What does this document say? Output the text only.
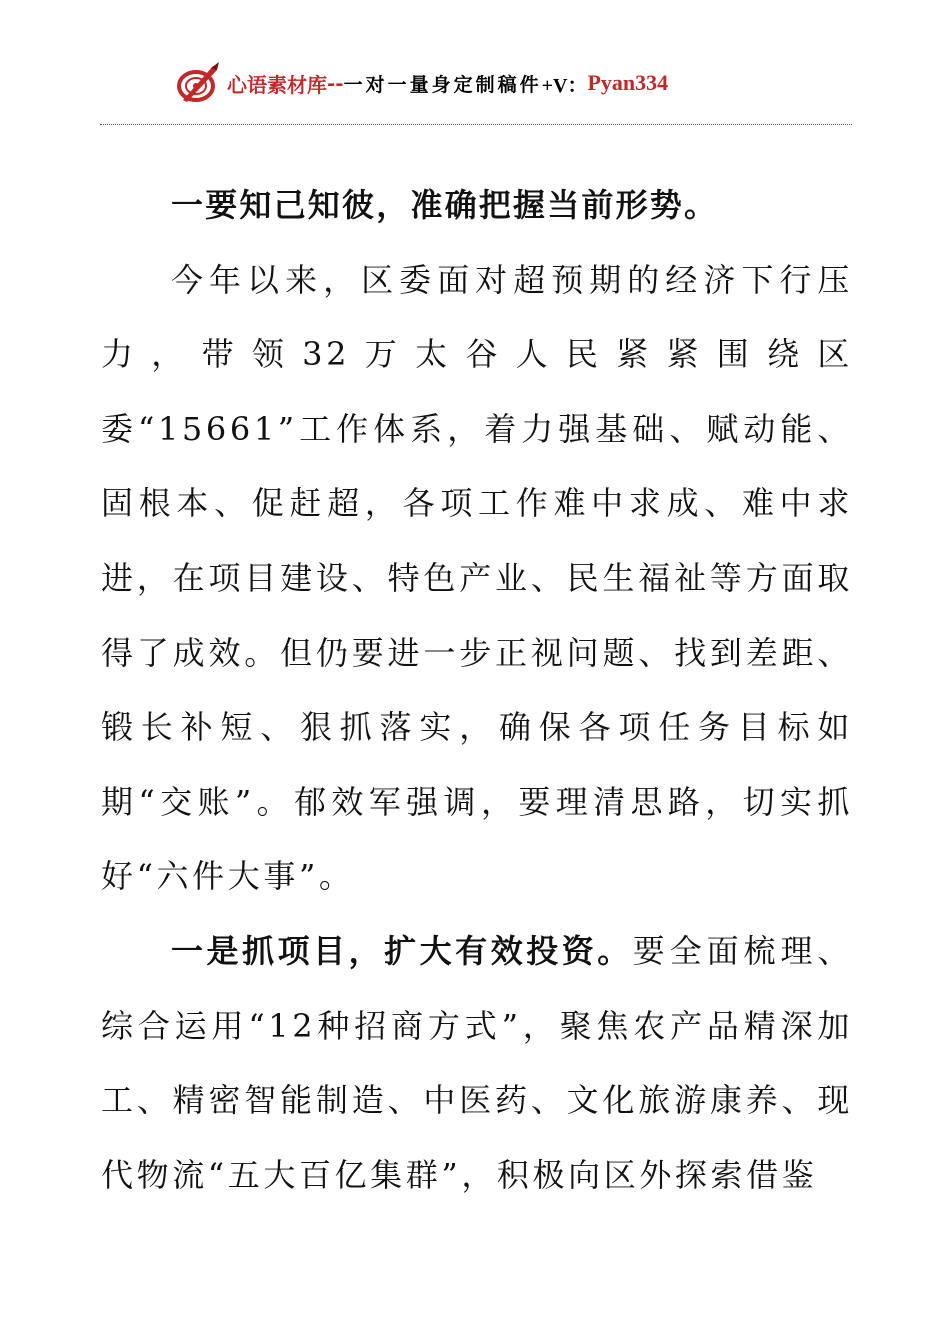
心语素材库 -- 一对一量身定制稿件 +V： Pyan334

一要知己知彼，准确把握当前形势。

今年以来，区委面对超预期的经济下行压力，带领32万太谷人民紧紧围绕区委“15661”工作体系，着力强基础、赋动能、固根本、促赶超，各项工作难中求成、难中求进，在项目建设、特色产业、民生福祉等方面取得了成效。但仍要进一步正视问题、找到差距、锻长补短、狠抓落实，确保各项任务目标如期“交账”。郁效军强调，要理清思路，切实抓好“六件大事”。

一是抓项目，扩大有效投资。要全面梳理、综合运用“12种招商方式”，聚焦农产品精深加工、精密智能制造、中医药、文化旅游康养、现代物流“五大百亿集群”，积极向区外探索借鉴
